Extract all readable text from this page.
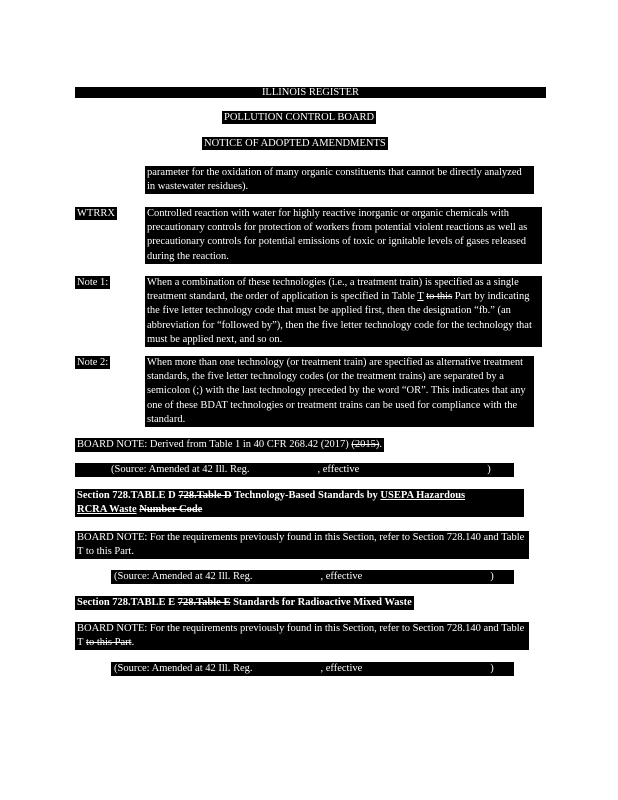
ILLINOIS REGISTER
POLLUTION CONTROL BOARD
NOTICE OF ADOPTED AMENDMENTS
parameter for the oxidation of many organic constituents that cannot be directly analyzed in wastewater residues).
WTRRX	Controlled reaction with water for highly reactive inorganic or organic chemicals with precautionary controls for protection of workers from potential violent reactions as well as precautionary controls for potential emissions of toxic or ignitable levels of gases released during the reaction.
Note 1:	When a combination of these technologies (i.e., a treatment train) is specified as a single treatment standard, the order of application is specified in Table T to this Part by indicating the five letter technology code that must be applied first, then the designation “fb.” (an abbreviation for “followed by”), then the five letter technology code for the technology that must be applied next, and so on.
Note 2:	When more than one technology (or treatment train) are specified as alternative treatment standards, the five letter technology codes (or the treatment trains) are separated by a semicolon (;) with the last technology preceded by the word “OR”. This indicates that any one of these BDAT technologies or treatment trains can be used for compliance with the standard.
BOARD NOTE: Derived from Table 1 in 40 CFR 268.42 (2017) (2015).
(Source: Amended at 42 Ill. Reg.	, effective	)
Section 728.TABLE D 728.Table D Technology-Based Standards by USEPA Hazardous
RCRA Waste Number Code
BOARD NOTE: For the requirements previously found in this Section, refer to Section 728.140 and Table T to this Part.
(Source: Amended at 42 Ill. Reg.	, effective	)
Section 728.TABLE E 728.Table E Standards for Radioactive Mixed Waste
BOARD NOTE: For the requirements previously found in this Section, refer to Section 728.140 and Table T to this Part.
(Source: Amended at 42 Ill. Reg.	, effective	)
